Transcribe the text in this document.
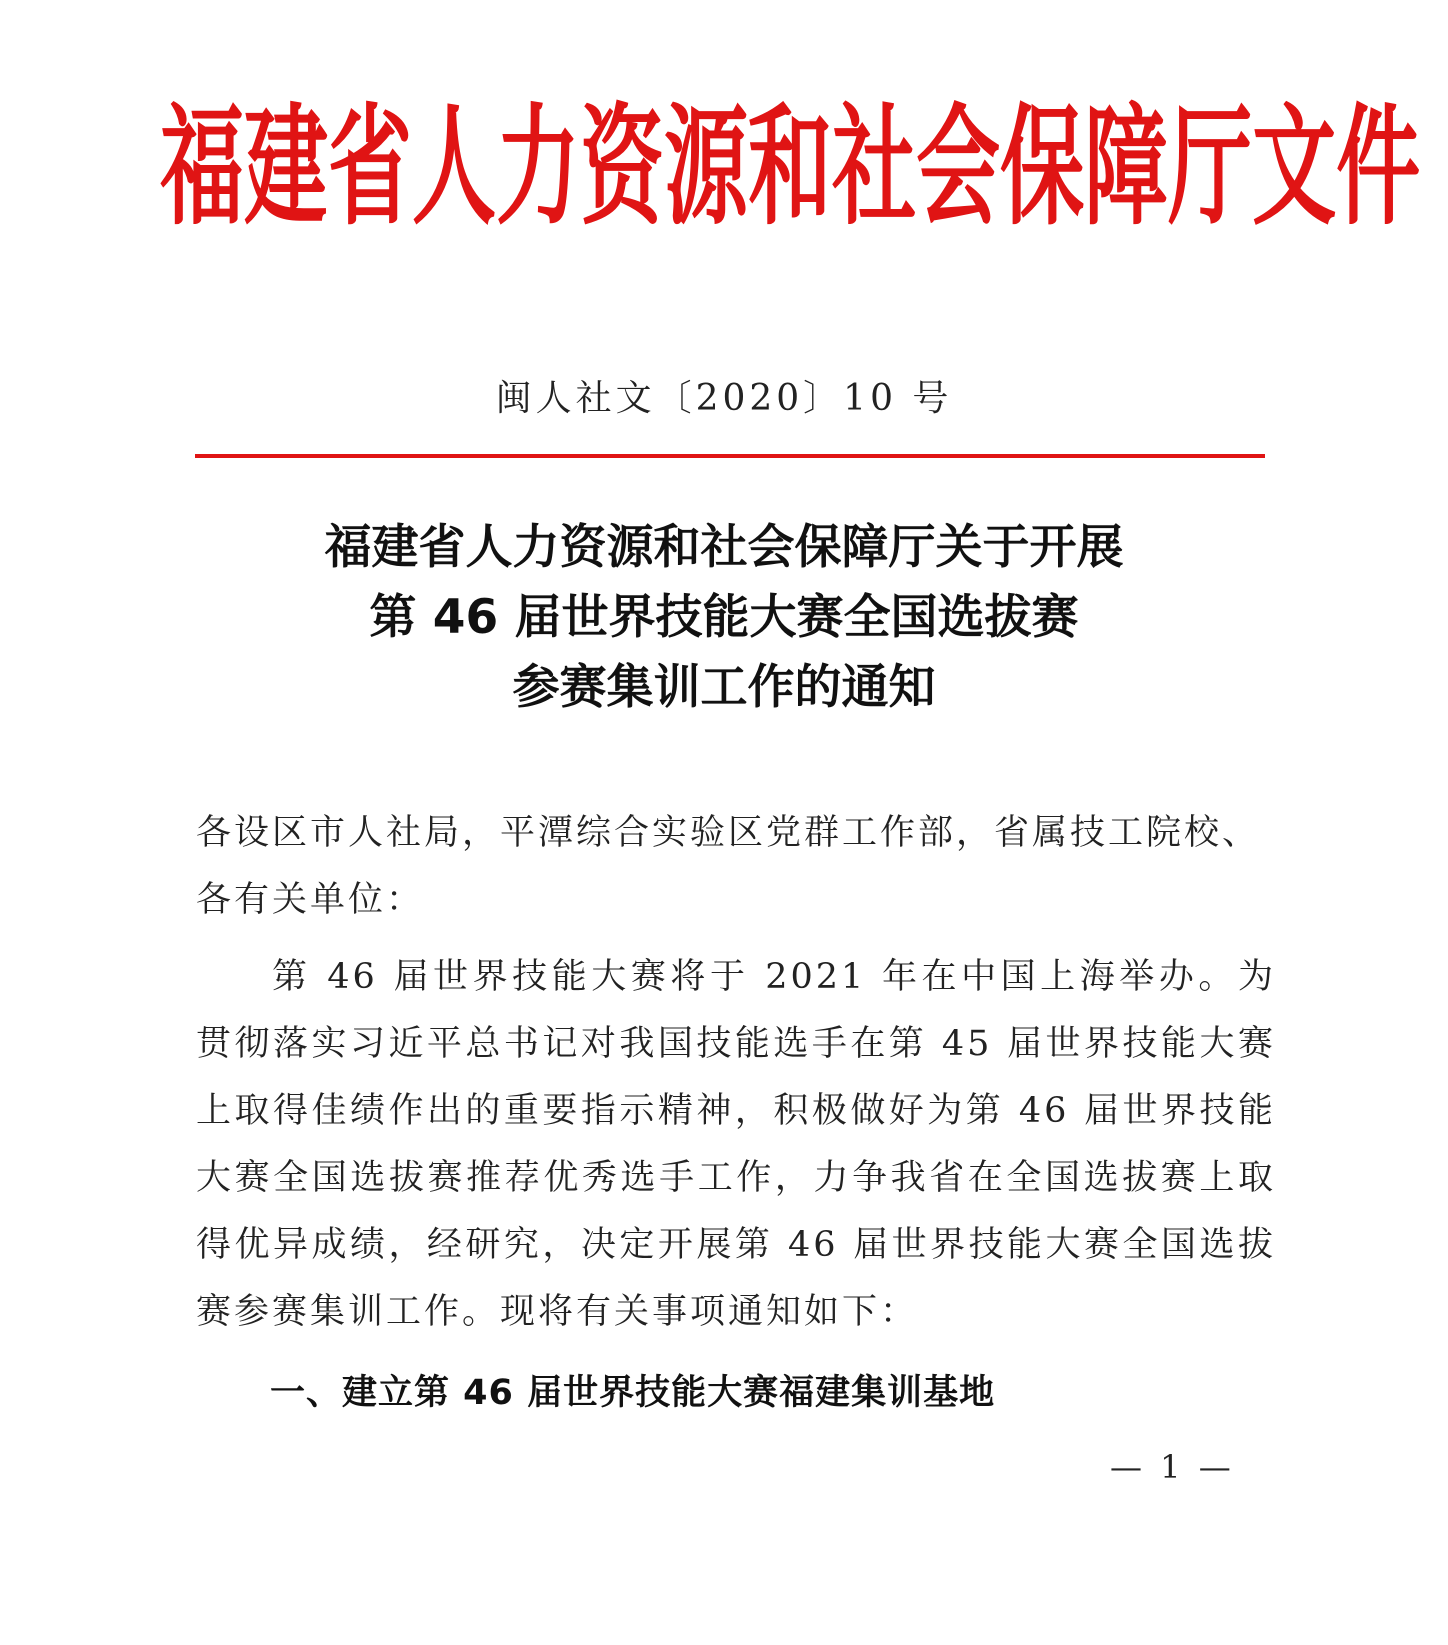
福 建 省 人 力 资 源 和 社 会 保 障 厅 文 件
闽人社文〔2020〕10 号
福建省人力资源和社会保障厅关于开展
第 46 届世界技能大赛全国选拔赛
参赛集训工作的通知

各设区市人社局，平潭综合实验区党群工作部，省属技工院校、各有关单位：

第 46 届世界技能大赛将于 2021 年在中国上海举办。为贯彻落实习近平总书记对我国技能选手在第 45 届世界技能大赛上取得佳绩作出的重要指示精神，积极做好为第 46 届世界技能大赛全国选拔赛推荐优秀选手工作，力争我省在全国选拔赛上取得优异成绩，经研究，决定开展第 46 届世界技能大赛全国选拔赛参赛集训工作。现将有关事项通知如下：

一、建立第 46 届世界技能大赛福建集训基地
— 1 —
